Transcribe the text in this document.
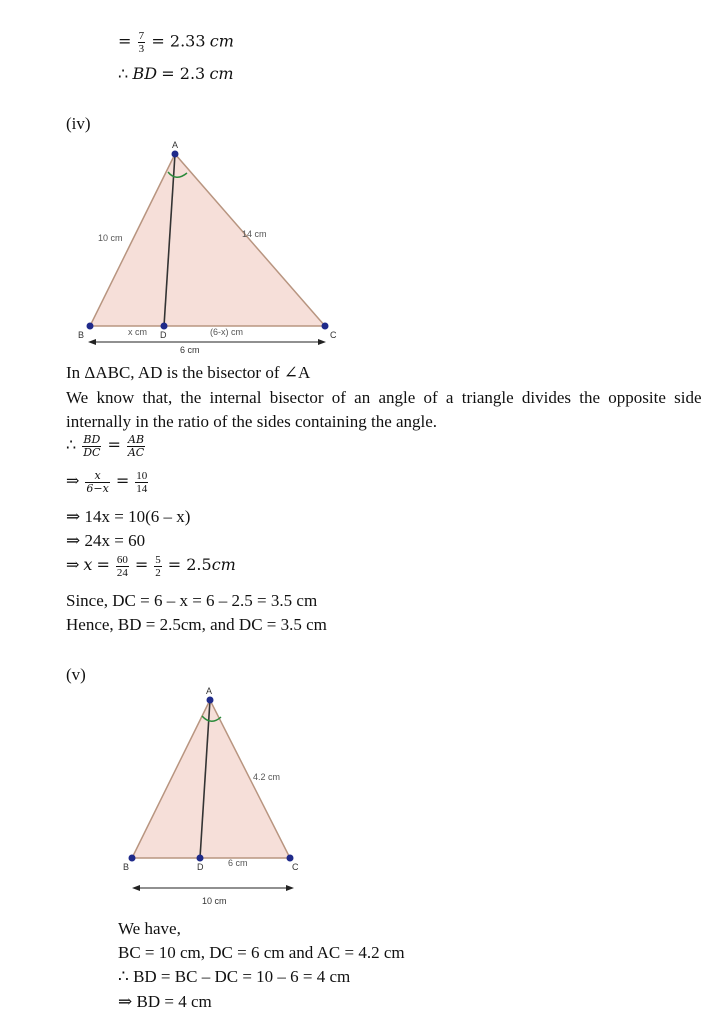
= $\frac{7}{3} = 2.33$ cm
∴ BD = 2.3 cm
(iv)
A
B	C
D
10 cm	14 cm
x cm	(6-x) cm
6 cm
In ΔABC, AD is the bisector of ∠A
We know that, the internal bisector of an angle of a triangle divides the opposite side
internally in the ratio of the sides containing the angle.
∴ $\frac{BD}{DC} = \frac{AB}{AC}$
⇒ $\frac{x}{6-x} = \frac{10}{14}$
⇒ 14x = 10(6 – x)
⇒ 24x = 60
⇒ $x = \frac{60}{24} = \frac{5}{2} = 2.5cm$
Since, DC = 6 – x = 6 – 2.5 = 3.5 cm
Hence, BD = 2.5cm, and DC = 3.5 cm
(v)
A
B	C
D
4.2 cm
6 cm
10 cm
We have,
BC = 10 cm, DC = 6 cm and AC = 4.2 cm
∴ BD = BC – DC = 10 – 6 = 4 cm
⇒ BD = 4 cm
